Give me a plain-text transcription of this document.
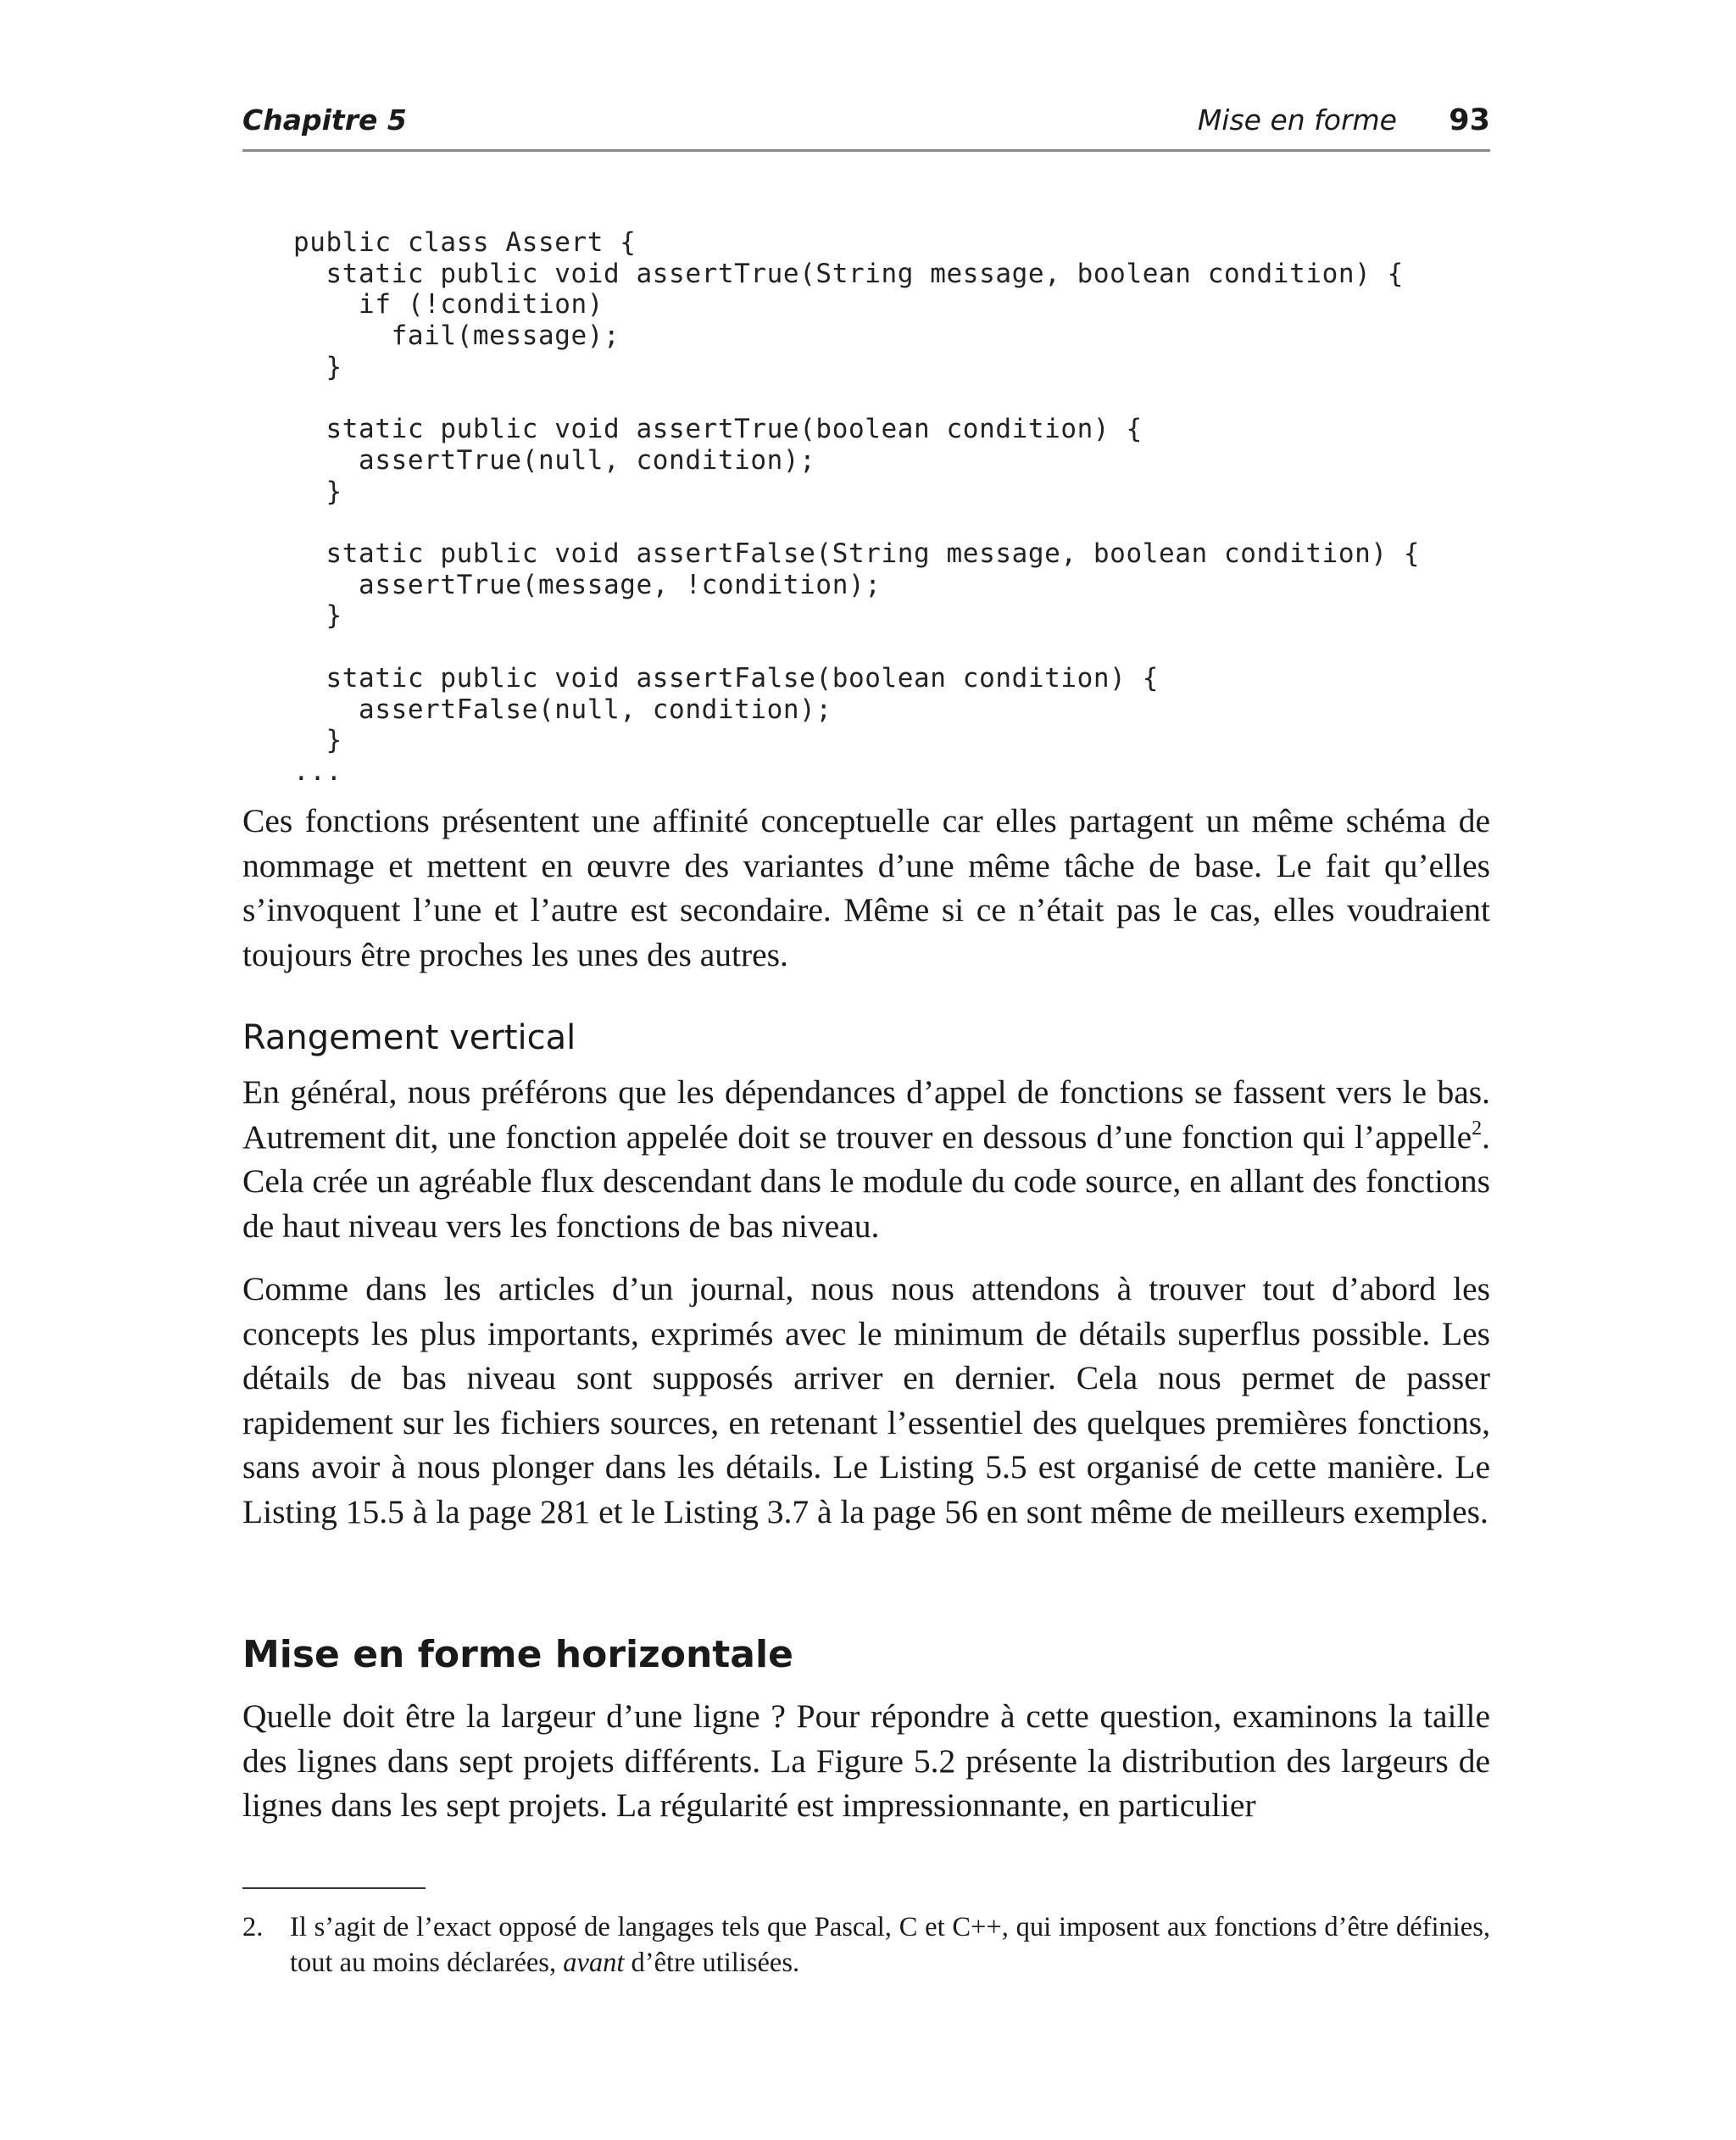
Chapitre 5	Mise en forme 93
public class Assert {
static public void assertTrue(String message, boolean condition) {
if (!condition)
fail(message);
}

static public void assertTrue(boolean condition) {
assertTrue(null, condition);
}

static public void assertFalse(String message, boolean condition) {
assertTrue(message, !condition);
}

static public void assertFalse(boolean condition) {
assertFalse(null, condition);
}
...

Ces fonctions présentent une affinité conceptuelle car elles partagent un même schéma de nommage et mettent en œuvre des variantes d’une même tâche de base. Le fait qu’elles s’invoquent l’une et l’autre est secondaire. Même si ce n’était pas le cas, elles voudraient toujours être proches les unes des autres.

Rangement vertical

En général, nous préférons que les dépendances d’appel de fonctions se fassent vers le bas. Autrement dit, une fonction appelée doit se trouver en dessous d’une fonction qui l’appelle$^2$. Cela crée un agréable flux descendant dans le module du code source, en allant des fonctions de haut niveau vers les fonctions de bas niveau.

Comme dans les articles d’un journal, nous nous attendons à trouver tout d’abord les concepts les plus importants, exprimés avec le minimum de détails superflus possible. Les détails de bas niveau sont supposés arriver en dernier. Cela nous permet de passer rapidement sur les fichiers sources, en retenant l’essentiel des quelques premières fonctions, sans avoir à nous plonger dans les détails. Le Listing 5.5 est organisé de cette manière. Le Listing 15.5 à la page 281 et le Listing 3.7 à la page 56 en sont même de meilleurs exemples.

Mise en forme horizontale

Quelle doit être la largeur d’une ligne ? Pour répondre à cette question, examinons la taille des lignes dans sept projets différents. La Figure 5.2 présente la distribution des largeurs de lignes dans les sept projets. La régularité est impressionnante, en particulier

2. Il s’agit de l’exact opposé de langages tels que Pascal, C et C++, qui imposent aux fonctions d’être définies, tout au moins déclarées, avant d’être utilisées.
